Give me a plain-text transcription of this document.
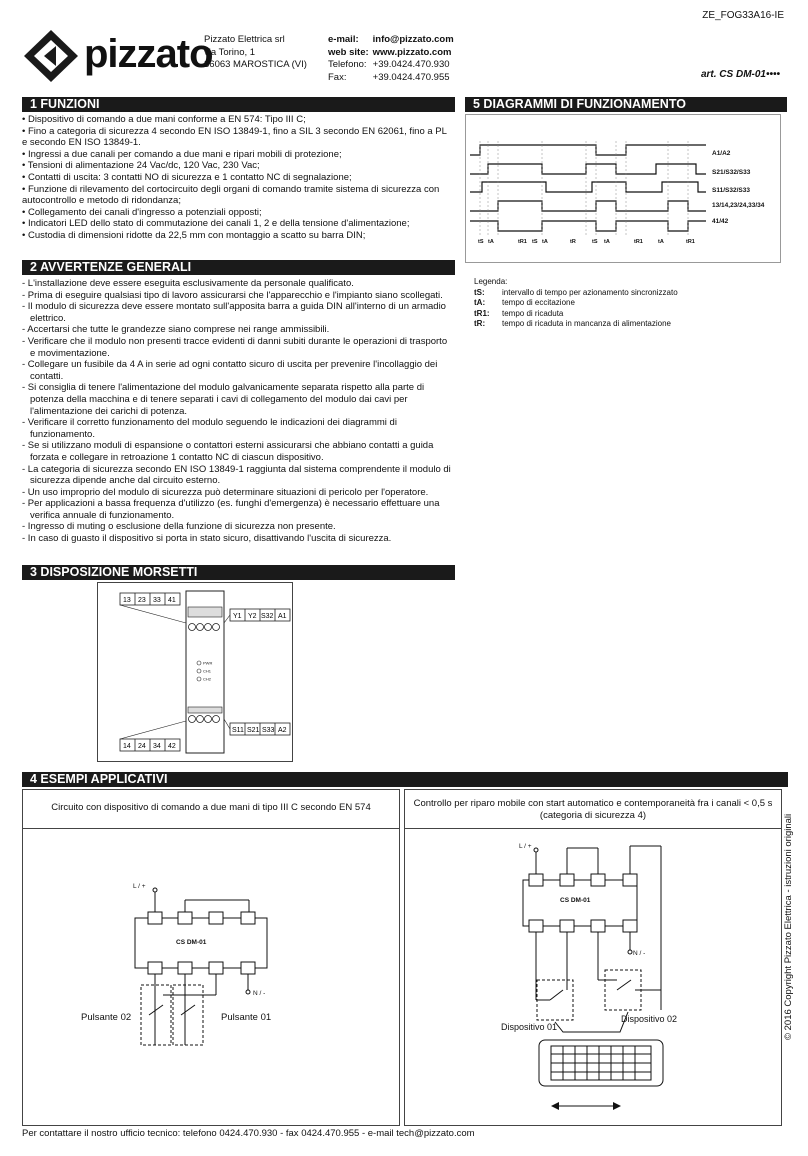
ZE_FOG33A16-IE
pizzato
Pizzato Elettrica srl
via Torino, 1
36063 MAROSTICA (VI)
e-mail: info@pizzato.com
web site: www.pizzato.com
Telefono: +39.0424.470.930
Fax:	+39.0424.470.955	art. CS DM-01••••
1 FUNZIONI
• Dispositivo di comando a due mani conforme a EN 574: Tipo III C;
• Fino a categoria di sicurezza 4 secondo EN ISO 13849-1, fino a SIL 3 secondo EN 62061, fino a PL e secondo EN ISO 13849-1.
• Ingressi a due canali per comando a due mani e ripari mobili di protezione;
• Tensioni di alimentazione 24 Vac/dc, 120 Vac, 230 Vac;
• Contatti di uscita: 3 contatti NO di sicurezza e 1 contatto NC di segnalazione;
• Funzione di rilevamento del cortocircuito degli organi di comando tramite sistema di sicurezza con autocontrollo e metodo di ridondanza;
• Collegamento dei canali d'ingresso a potenziali opposti;
• Indicatori LED dello stato di commutazione dei canali 1, 2 e della tensione d'alimentazione;
• Custodia di dimensioni ridotte da 22,5 mm con montaggio a scatto su barra DIN;
2 AVVERTENZE GENERALI
- L'installazione deve essere eseguita esclusivamente da personale qualificato.
- Prima di eseguire qualsiasi tipo di lavoro assicurarsi che l'apparecchio e l'impianto siano scollegati.
- Il modulo di sicurezza deve essere montato sull'apposita barra a guida DIN all'interno di un armadio elettrico.
- Accertarsi che tutte le grandezze siano comprese nei range ammissibili.
- Verificare che il modulo non presenti tracce evidenti di danni subiti durante le operazioni di trasporto e movimentazione.
- Collegare un fusibile da 4 A in serie ad ogni contatto sicuro di uscita per prevenire l'incollaggio dei contatti.
- Si consiglia di tenere l'alimentazione del modulo galvanicamente separata rispetto alla parte di potenza della macchina e di tenere separati i cavi di collegamento del modulo dai cavi per l'alimentazione dei carichi di potenza.
- Verificare il corretto funzionamento del modulo seguendo le indicazioni dei diagrammi di funzionamento.
- Se si utilizzano moduli di espansione o contattori esterni assicurarsi che abbiano contatti a guida forzata e collegare in retroazione 1 contatto NC di ciascun dispositivo.
- La categoria di sicurezza secondo EN ISO 13849-1 raggiunta dal sistema comprendente il modulo di sicurezza dipende anche dal circuito esterno.
- Un uso improprio del modulo di sicurezza può determinare situazioni di pericolo per l'operatore.
- Per applicazioni a bassa frequenza d'utilizzo (es. funghi d'emergenza) è necessario effettuare una verifica annuale di funzionamento.
- Ingresso di muting o esclusione della funzione di sicurezza non presente.
- In caso di guasto il dispositivo si porta in stato sicuro, disattivando l'uscita di sicurezza.
3 DISPOSIZIONE MORSETTI
13 23 33 41
Y1 Y2 S32 A1
S11 S21 S33 A2
14 24 34 42
PWR
CH1
CH2
5 DIAGRAMMI DI FUNZIONAMENTO
A1/A2
S21/S32/S33
S11/S32/S33
13/14,23/24,33/34
41/42
tS tA	tR1 tS tA	tR	tS tA	tR1	tA	tR1
Legenda:
tS: intervallo di tempo per azionamento sincronizzato
tA: tempo di eccitazione
tR1: tempo di ricaduta
tR: tempo di ricaduta in mancanza di alimentazione
4 ESEMPI APPLICATIVI
Circuito con dispositivo di comando a due mani di tipo III C secondo EN 574
L / +
N / -
CS DM-01
Pulsante 02	Pulsante 01
Controllo per riparo mobile con start automatico e contemporaneità fra i canali < 0,5 s (categoria di sicurezza 4)
L / +
N / -
CS DM-01
Dispositivo 01
Dispositivo 02	© 2016 Copyright Pizzato Elettrica - istruzioni originali
Per contattare il nostro ufficio tecnico: telefono 0424.470.930 - fax 0424.470.955 - e-mail tech@pizzato.com
